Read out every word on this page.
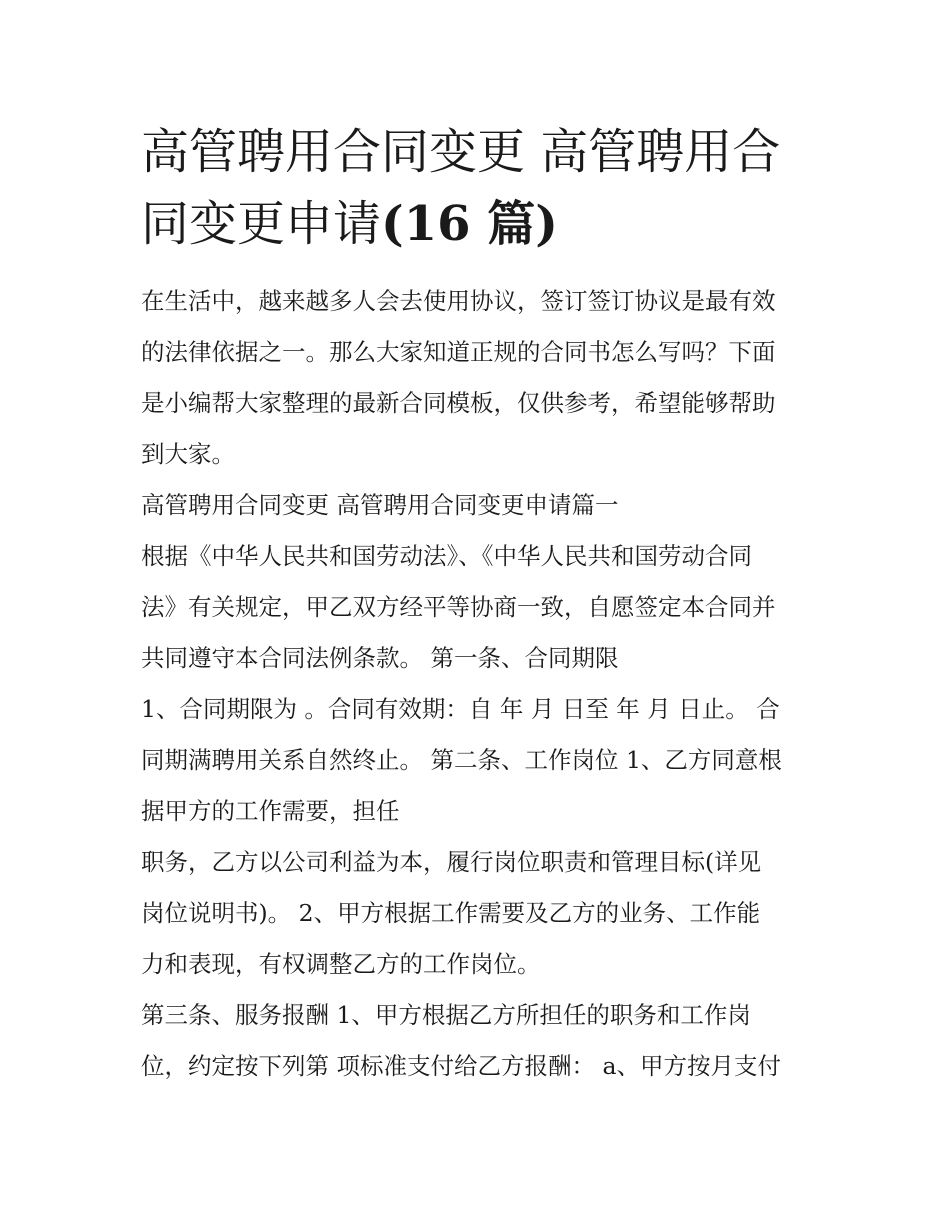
高管聘用合同变更 高管聘用合
同变更申请(16 篇)
在生活中，越来越多人会去使用协议，签订签订协议是最有效
的法律依据之一。那么大家知道正规的合同书怎么写吗？下面
是小编帮大家整理的最新合同模板，仅供参考，希望能够帮助
到大家。
高管聘用合同变更 高管聘用合同变更申请篇一
根据《中华人民共和国劳动法》、《中华人民共和国劳动合同
法》有关规定，甲乙双方经平等协商一致，自愿签定本合同并
共同遵守本合同法例条款。 第一条、合同期限
1、合同期限为 。合同有效期：自 年 月 日至 年 月 日止。 合
同期满聘用关系自然终止。 第二条、工作岗位 1、乙方同意根
据甲方的工作需要，担任
职务，乙方以公司利益为本，履行岗位职责和管理目标(详见
岗位说明书)。 2、甲方根据工作需要及乙方的业务、工作能
力和表现，有权调整乙方的工作岗位。
第三条、服务报酬 1、甲方根据乙方所担任的职务和工作岗
位，约定按下列第 项标准支付给乙方报酬： a、甲方按月支付
